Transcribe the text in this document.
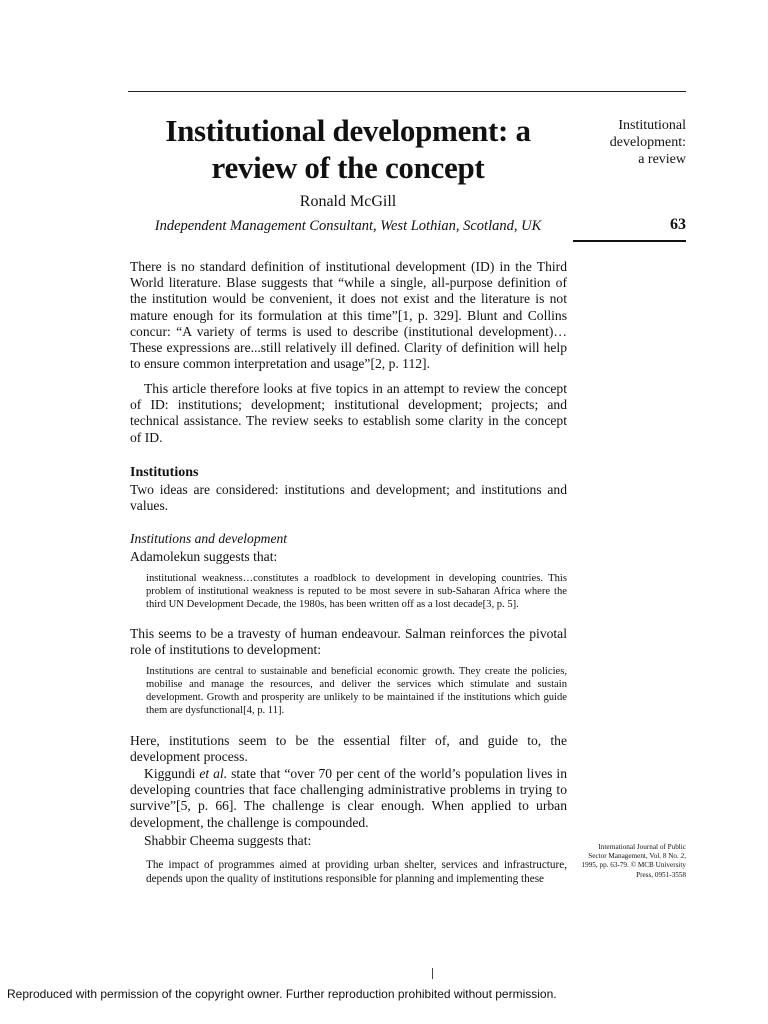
Institutional development: a review of the concept
Ronald McGill
Independent Management Consultant, West Lothian, Scotland, UK
Institutional
development:
a review
63

There is no standard definition of institutional development (ID) in the Third World literature. Blase suggests that “while a single, all-purpose definition of the institution would be convenient, it does not exist and the literature is not mature enough for its formulation at this time”[1, p. 329]. Blunt and Collins concur: “A variety of terms is used to describe (institutional development)…These expressions are...still relatively ill defined. Clarity of definition will help to ensure common interpretation and usage”[2, p. 112].

This article therefore looks at five topics in an attempt to review the concept of ID: institutions; development; institutional development; projects; and technical assistance. The review seeks to establish some clarity in the concept of ID.

Institutions

Two ideas are considered: institutions and development; and institutions and values.

Institutions and development

Adamolekun suggests that:

institutional weakness…constitutes a roadblock to development in developing countries. This problem of institutional weakness is reputed to be most severe in sub-Saharan Africa where the third UN Development Decade, the 1980s, has been written off as a lost decade[3, p. 5].

This seems to be a travesty of human endeavour. Salman reinforces the pivotal role of institutions to development:

Institutions are central to sustainable and beneficial economic growth. They create the policies, mobilise and manage the resources, and deliver the services which stimulate and sustain development. Growth and prosperity are unlikely to be maintained if the institutions which guide them are dysfunctional[4, p. 11].

Here, institutions seem to be the essential filter of, and guide to, the development process.

Kiggundi et al. state that “over 70 per cent of the world’s population lives in developing countries that face challenging administrative problems in trying to survive”[5, p. 66]. The challenge is clear enough. When applied to urban development, the challenge is compounded.

Shabbir Cheema suggests that:

The impact of programmes aimed at providing urban shelter, services and infrastructure, depends upon the quality of institutions responsible for planning and implementing these

International Journal of Public
Sector Management, Vol. 8 No. 2,
1995, pp. 63-79. © MCB University
Press, 0951-3558
Reproduced with permission of the copyright owner. Further reproduction prohibited without permission.
